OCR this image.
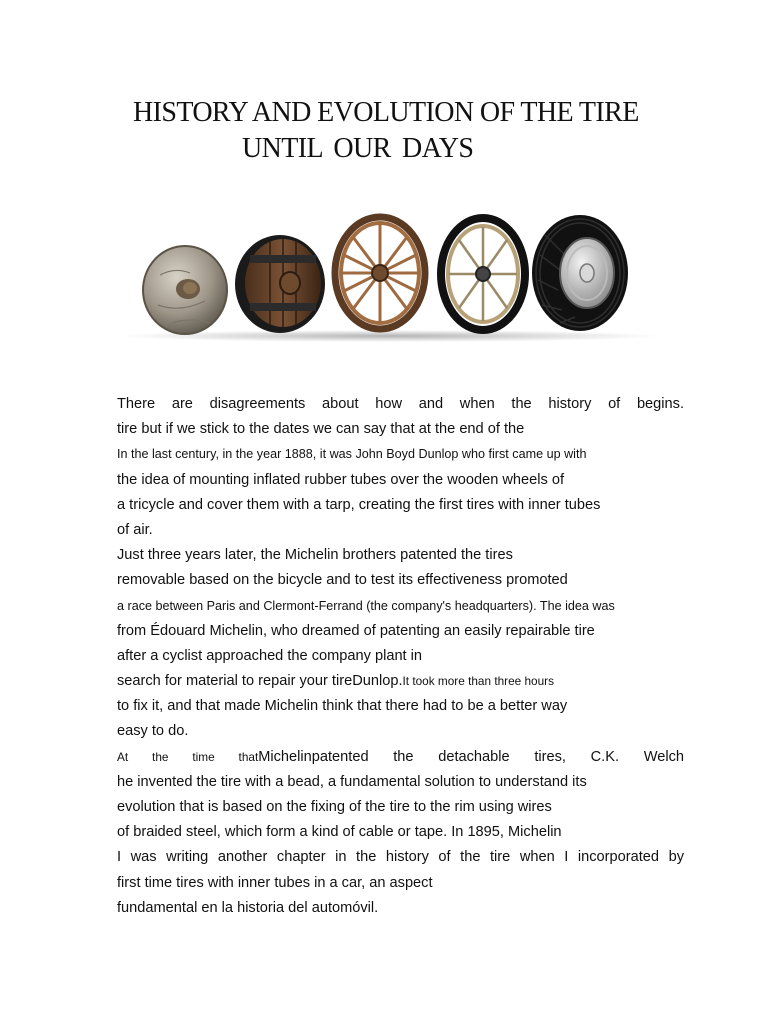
HISTORY AND EVOLUTION OF THE TIRE
UNTIL OUR DAYS
There are disagreements about how and when the history of begins.
tire but if we stick to the dates we can say that at the end of the
In the last century, in the year 1888, it was John Boyd Dunlop who first came up with
the idea of mounting inflated rubber tubes over the wooden wheels of
a tricycle and cover them with a tarp, creating the first tires with inner tubes
of air.
Just three years later, the Michelin brothers patented the tires
removable based on the bicycle and to test its effectiveness promoted
a race between Paris and Clermont-Ferrand (the company's headquarters). The idea was
from Édouard Michelin, who dreamed of patenting an easily repairable tire
after a cyclist approached the company plant in
search for material to repair your tireDunlop.It took more than three hours
to fix it, and that made Michelin think that there had to be a better way
easy to do.
At the time thatMichelinpatented the detachable tires, C.K. Welch
he invented the tire with a bead, a fundamental solution to understand its
evolution that is based on the fixing of the tire to the rim using wires
of braided steel, which form a kind of cable or tape. In 1895, Michelin
I was writing another chapter in the history of the tire when I incorporated by
first time tires with inner tubes in a car, an aspect
fundamental en la historia del automóvil.
